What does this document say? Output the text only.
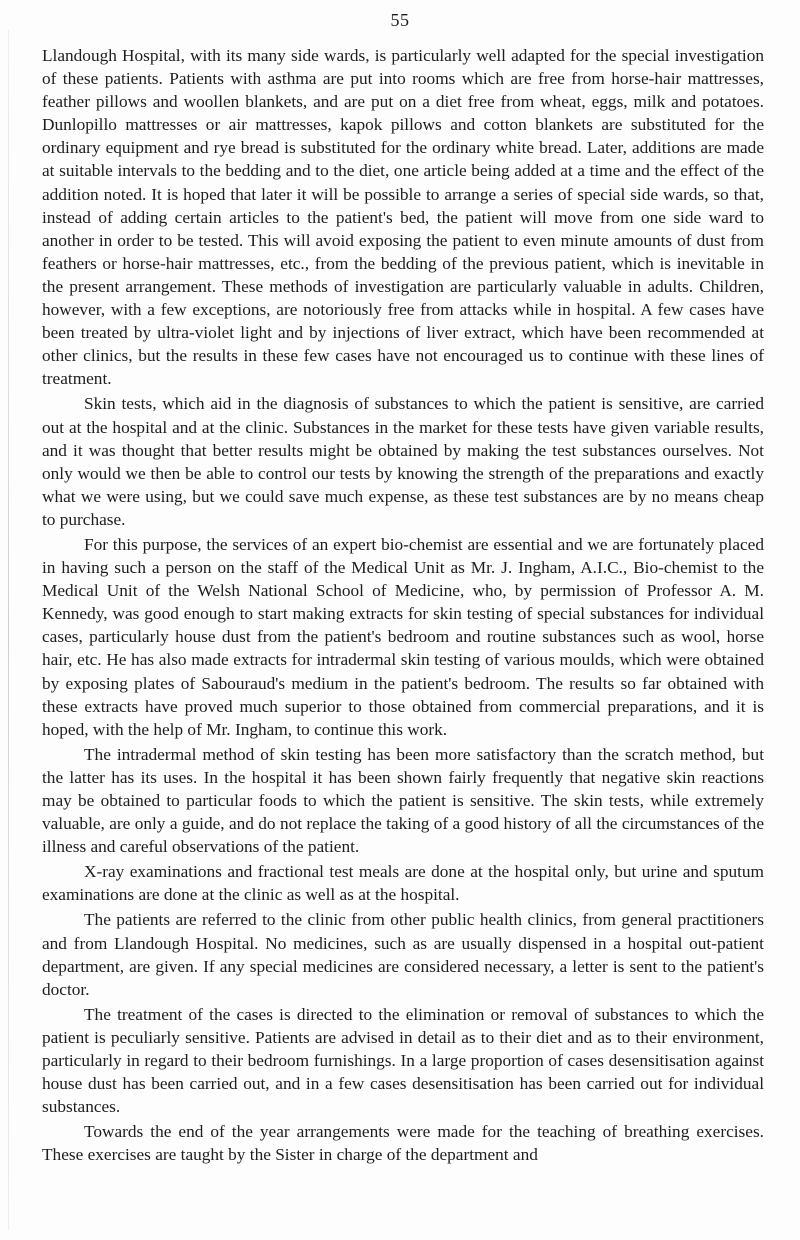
55

Llandough Hospital, with its many side wards, is particularly well adapted for the special investigation of these patients. Patients with asthma are put into rooms which are free from horse-hair mattresses, feather pillows and woollen blankets, and are put on a diet free from wheat, eggs, milk and potatoes. Dunlopillo mattresses or air mattresses, kapok pillows and cotton blankets are substituted for the ordinary equipment and rye bread is substituted for the ordinary white bread. Later, additions are made at suitable intervals to the bedding and to the diet, one article being added at a time and the effect of the addition noted. It is hoped that later it will be possible to arrange a series of special side wards, so that, instead of adding certain articles to the patient's bed, the patient will move from one side ward to another in order to be tested. This will avoid exposing the patient to even minute amounts of dust from feathers or horse-hair mattresses, etc., from the bedding of the previous patient, which is inevitable in the present arrangement. These methods of investigation are particularly valuable in adults. Children, however, with a few exceptions, are notoriously free from attacks while in hospital. A few cases have been treated by ultra-violet light and by injections of liver extract, which have been recommended at other clinics, but the results in these few cases have not encouraged us to continue with these lines of treatment.

Skin tests, which aid in the diagnosis of substances to which the patient is sensitive, are carried out at the hospital and at the clinic. Substances in the market for these tests have given variable results, and it was thought that better results might be obtained by making the test substances ourselves. Not only would we then be able to control our tests by knowing the strength of the preparations and exactly what we were using, but we could save much expense, as these test substances are by no means cheap to purchase.

For this purpose, the services of an expert bio-chemist are essential and we are fortunately placed in having such a person on the staff of the Medical Unit as Mr. J. Ingham, A.I.C., Bio-chemist to the Medical Unit of the Welsh National School of Medicine, who, by permission of Professor A. M. Kennedy, was good enough to start making extracts for skin testing of special substances for individual cases, particularly house dust from the patient's bedroom and routine substances such as wool, horse hair, etc. He has also made extracts for intradermal skin testing of various moulds, which were obtained by exposing plates of Sabouraud's medium in the patient's bedroom. The results so far obtained with these extracts have proved much superior to those obtained from commercial preparations, and it is hoped, with the help of Mr. Ingham, to continue this work.

The intradermal method of skin testing has been more satisfactory than the scratch method, but the latter has its uses. In the hospital it has been shown fairly frequently that negative skin reactions may be obtained to particular foods to which the patient is sensitive. The skin tests, while extremely valuable, are only a guide, and do not replace the taking of a good history of all the circumstances of the illness and careful observations of the patient.

X-ray examinations and fractional test meals are done at the hospital only, but urine and sputum examinations are done at the clinic as well as at the hospital.

The patients are referred to the clinic from other public health clinics, from general practitioners and from Llandough Hospital. No medicines, such as are usually dispensed in a hospital out-patient department, are given. If any special medicines are considered necessary, a letter is sent to the patient's doctor.

The treatment of the cases is directed to the elimination or removal of substances to which the patient is peculiarly sensitive. Patients are advised in detail as to their diet and as to their environment, particularly in regard to their bedroom furnishings. In a large proportion of cases desensitisation against house dust has been carried out, and in a few cases desensitisation has been carried out for individual substances.

Towards the end of the year arrangements were made for the teaching of breathing exercises. These exercises are taught by the Sister in charge of the department and
